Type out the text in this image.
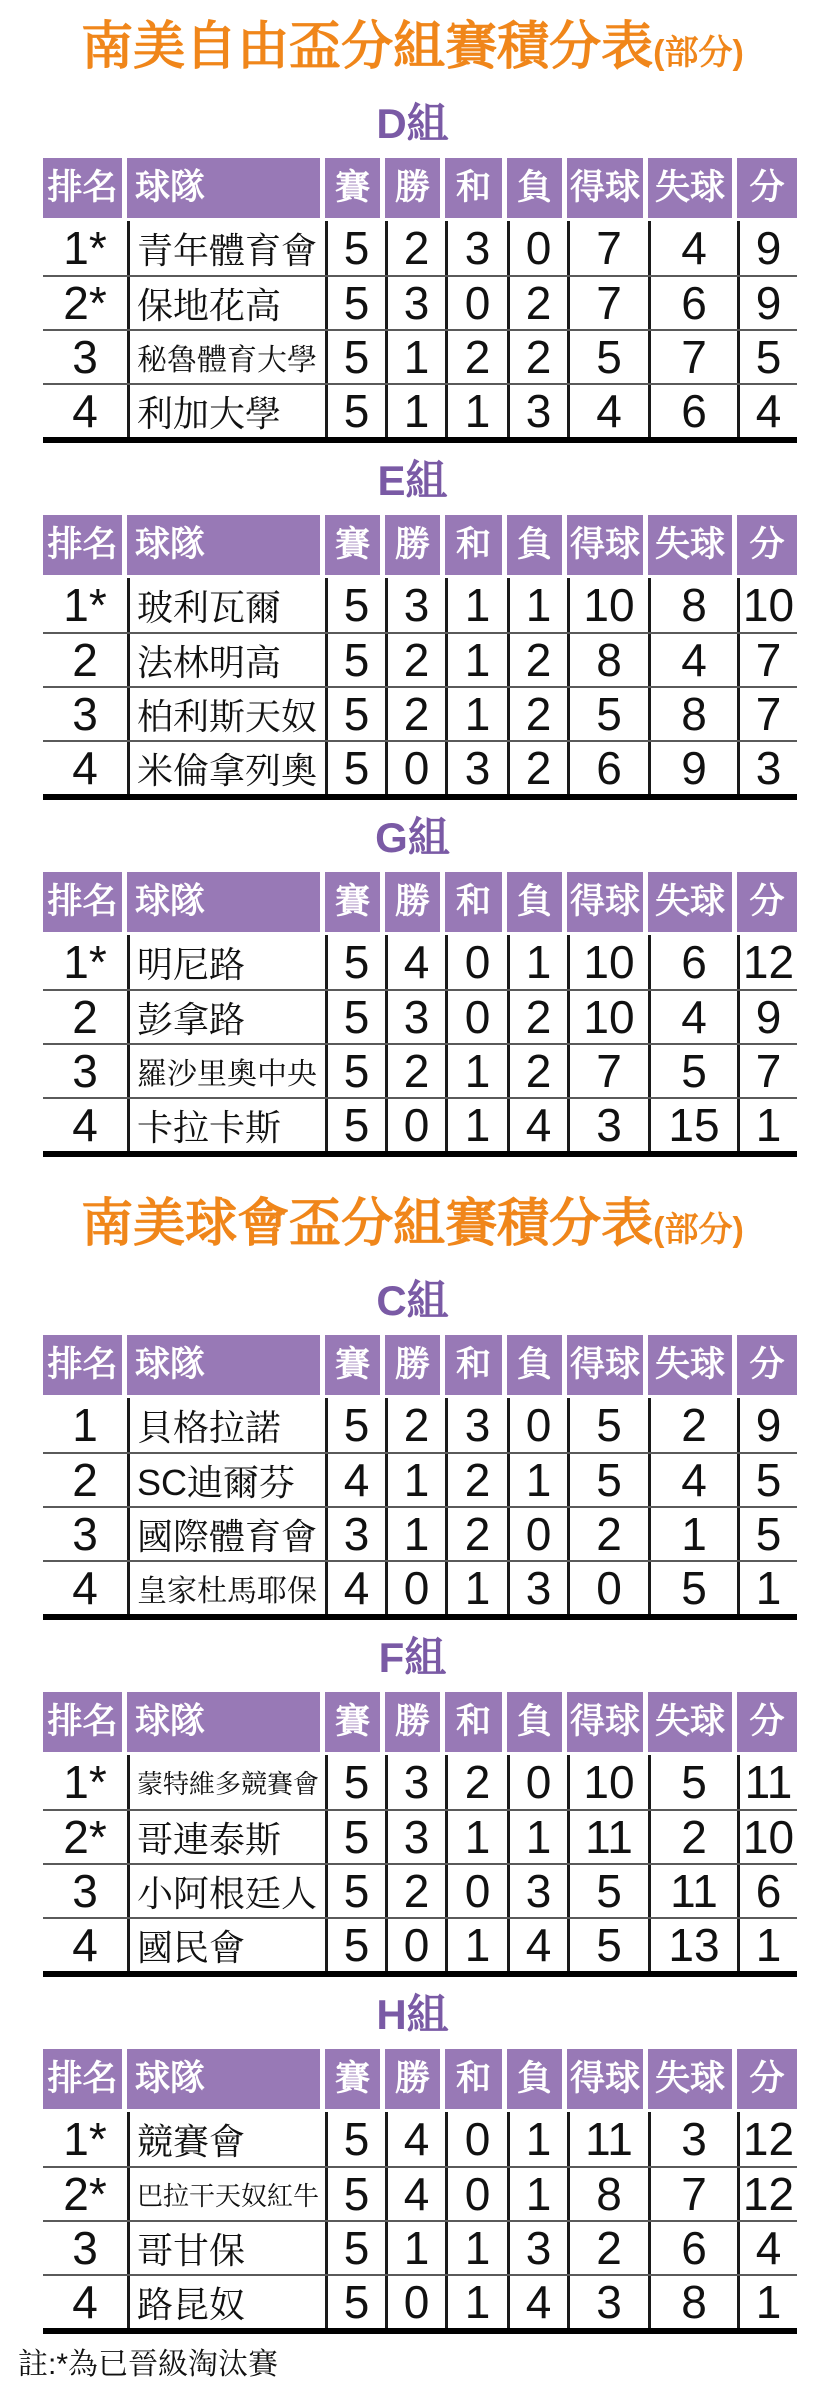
南美自由盃分組賽積分表(部分)
D組
排名 球隊	賽 勝 和 負 得球 失球 分
1* 青年體育會 5 2 3 0 7	4	9
2* 保地花高	5 3 0 2 7	6	9
3	秘魯體育大學 5 1 2 2 5	7	5
4	利加大學	5 1 1 3 4	6	4
E組
排名 球隊	賽 勝 和 負 得球 失球 分
1* 玻利瓦爾	5 3 1 1 10	8 10
2	法林明高	5 2 1 2 8	4	7
3	柏利斯天奴 5 2 1 2 5	8	7
4	米倫拿列奧 5 0 3 2 6	9	3
G組
排名 球隊	賽 勝 和 負 得球 失球 分
1* 明尼路	5 4 0 1 10	6 12
2	彭拿路	5 3 0 2 10	4	9
3	羅沙里奧中央 5 2 1 2 7	5	7
4	卡拉卡斯	5 0 1 4 3	15 1
南美球會盃分組賽積分表(部分)
C組
排名 球隊	賽 勝 和 負 得球 失球 分
1	貝格拉諾	5 2 3 0 5	2	9
2	SC迪爾芬	4 1 2 1 5	4	5
3	國際體育會 3 1 2 0 2	1	5
4	皇家杜馬耶保 4 0 1 3 0	5	1
F組
排名 球隊	賽 勝 和 負 得球 失球 分
1*	蒙特維多競賽會 5 3 2 0 10	5 11
2* 哥連泰斯	5 3 1 1 11	2 10
3	小阿根廷人 5 2 0 3 5	11 6
4	國民會	5 0 1 4 5	13 1
H組
排名 球隊	賽 勝 和 負 得球 失球 分
1* 競賽會	5 4 0 1 11	3 12
2*	巴拉干天奴紅牛 5 4 0 1 8	7 12
3	哥甘保	5 1 1 3 2	6	4
4	路昆奴	5 0 1 4 3	8	1

註:*為已晉級淘汰賽
